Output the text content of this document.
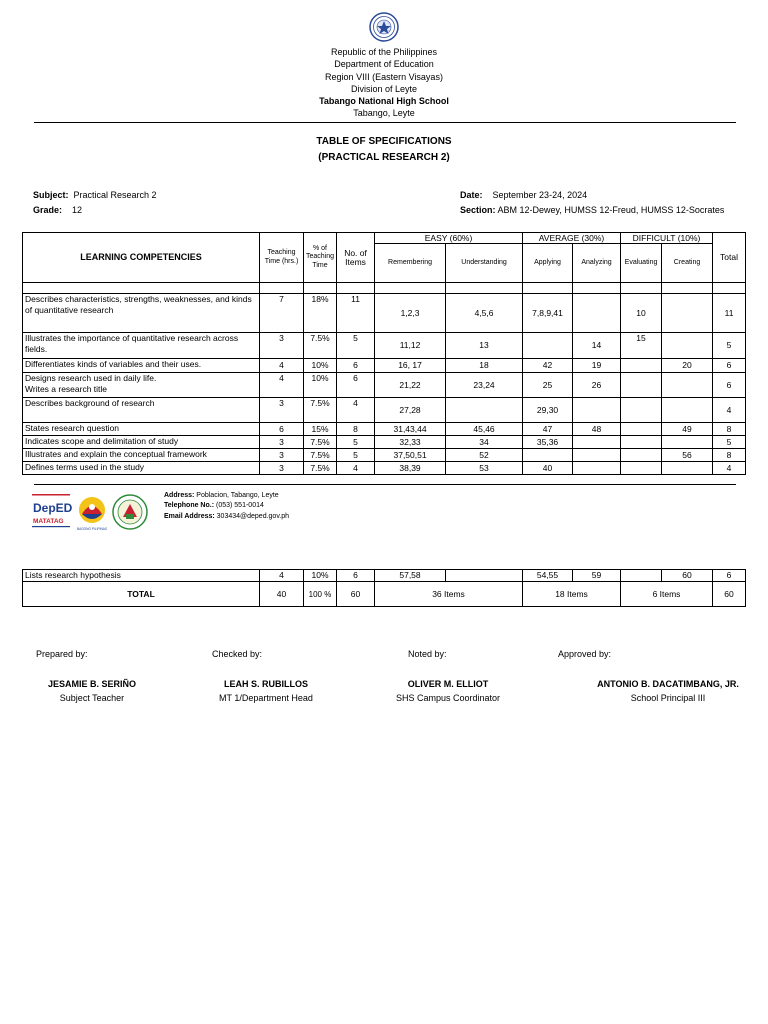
Republic of the Philippines
Department of Education
Region VIII (Eastern Visayas)
Division of Leyte
Tabango National High School
Tabango, Leyte
TABLE OF SPECIFICATIONS
(PRACTICAL RESEARCH 2)
Subject: Practical Research 2
Grade: 12
Date: September 23-24, 2024
Section: ABM 12-Dewey, HUMSS 12-Freud, HUMSS 12-Socrates
LEARNING COMPETENCIES	Teaching Time (hrs.)	% of Teaching Time	No. of Items	EASY (60%)		AVERAGE (30%)		DIFFICULT (10%)		Total
				Remembering	Understanding	Applying	Analyzing	Evaluating	Creating	

Describes characteristics, strengths, weaknesses, and kinds of quantitative research	7	18%	11	1,2,3	4,5,6	7,8,9,41		10		11
Illustrates the importance of quantitative research across fields.	3	7.5%	5	11,12	13		14	15		5
Differentiates kinds of variables and their uses.	4	10%	6	16, 17	18	42	19		20	6

Designs research used in daily life.
Writes a research title	4	10%	6	21,22	23,24	25	26			6
Describes background of research	3	7.5%	4	27,28		29,30				4
States research question	6	15%	8	31,43,44	45,46	47	48		49	8
Indicates scope and delimitation of study	3	7.5%	5	32,33	34	35,36				5
Illustrates and explain the conceptual framework	3	7.5%	5	37,50,51	52				56	8
Defines terms used in the study	3	7.5%	4	38,39	53	40				4
DepED
MATATAG
BAGONG PILIPINAS
Address: Poblacion, Tabango, Leyte
Telephone No.: (053) 551-0014
Email Address: 303434@deped.gov.ph
Lists research hypothesis	4	10%	6	57,58		54,55	59		60	6
TOTAL	40	100 %	60	36 Items		18 Items		6 Items		60
Prepared by:	Checked by:	Noted by:	Approved by:
JESAMIE B. SERIÑO
Subject Teacher
LEAH S. RUBILLOS
MT 1/Department Head
OLIVER M. ELLIOT
SHS Campus Coordinator
ANTONIO B. DACATIMBANG, JR.
School Principal III
